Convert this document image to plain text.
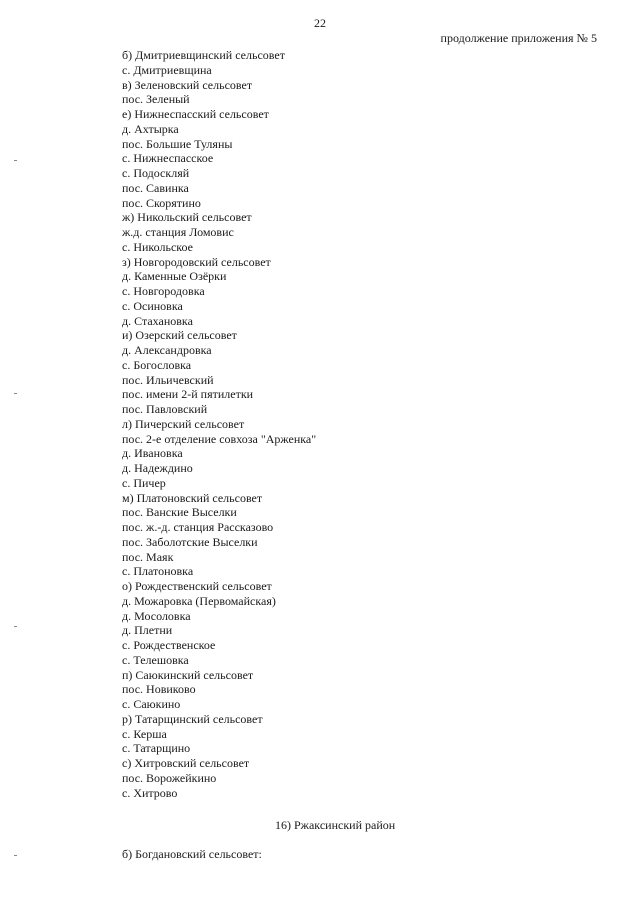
22
продолжение приложения № 5
б) Дмитриевщинский сельсовет
с. Дмитриевщина
в) Зеленовский сельсовет
пос. Зеленый
е) Нижнеспасский сельсовет
д. Ахтырка
пос. Большие Туляны
с. Нижнеспасское
с. Подоскляй
пос. Савинка
пос. Скорятино
ж) Никольский сельсовет
ж.д. станция Ломовис
с. Никольское
з) Новгородовский сельсовет
д. Каменные Озёрки
с. Новгородовка
с. Осиновка
д. Стахановка
и) Озерский сельсовет
д. Александровка
с. Богословка
пос. Ильичевский
пос. имени 2-й пятилетки
пос. Павловский
л) Пичерский сельсовет
пос. 2-е отделение совхоза "Арженка"
д. Ивановка
д. Надеждино
с. Пичер
м) Платоновский сельсовет
пос. Ванские Выселки
пос. ж.-д. станция Рассказово
пос. Заболотские Выселки
пос. Маяк
с. Платоновка
о) Рождественский сельсовет
д. Можаровка (Первомайская)
д. Мосоловка
д. Плетни
с. Рождественское
с. Телешовка
п) Саюкинский сельсовет
пос. Новиково
с. Саюкино
р) Татарщинский сельсовет
с. Керша
с. Татарщино
с) Хитровский сельсовет
пос. Ворожейкино
с. Хитрово
16) Ржаксинский район
б) Богдановский сельсовет:
